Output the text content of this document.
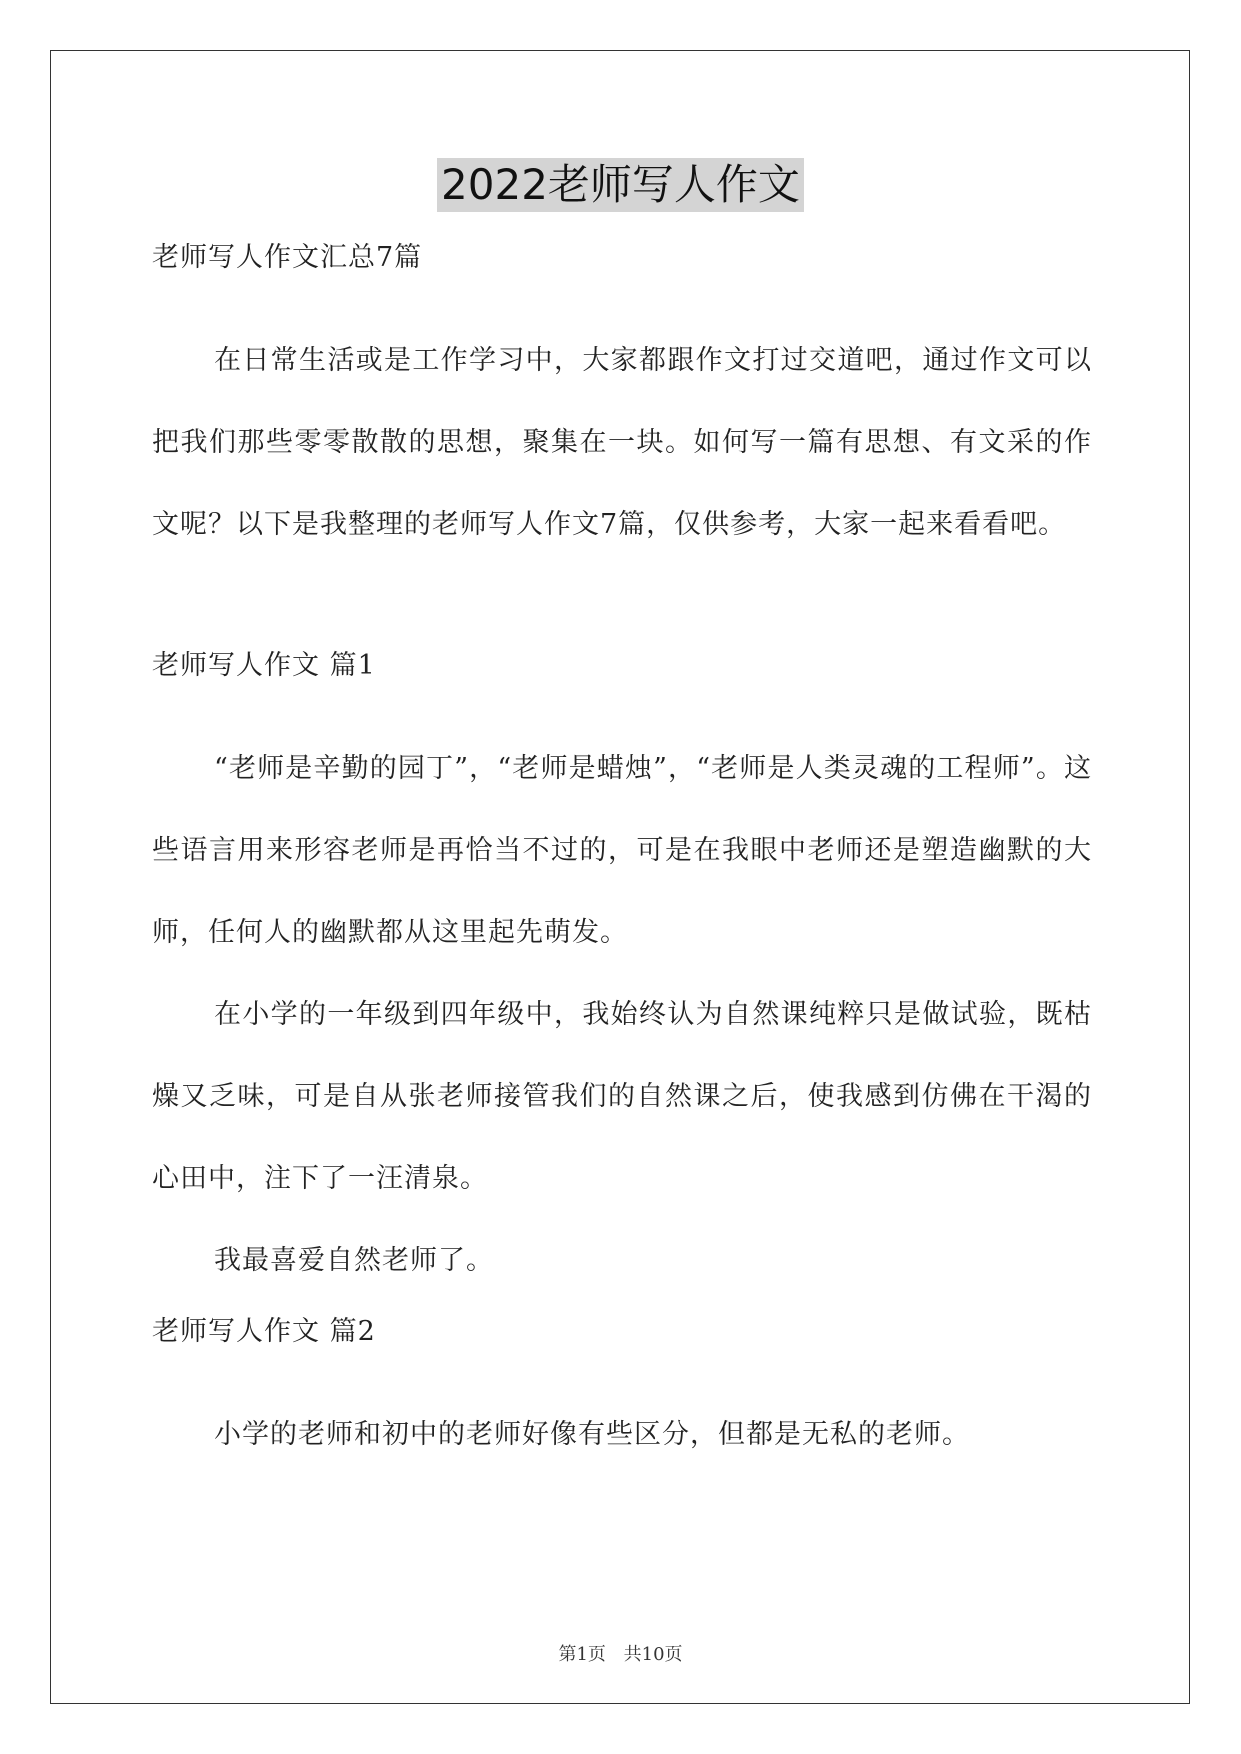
2022老师写人作文

老师写人作文汇总7篇

在日常生活或是工作学习中，大家都跟作文打过交道吧，通过作文可以把我们那些零零散散的思想，聚集在一块。如何写一篇有思想、有文采的作文呢？以下是我整理的老师写人作文7篇，仅供参考，大家一起来看看吧。

老师写人作文 篇1

“老师是辛勤的园丁”，“老师是蜡烛”，“老师是人类灵魂的工程师”。这些语言用来形容老师是再恰当不过的，可是在我眼中老师还是塑造幽默的大师，任何人的幽默都从这里起先萌发。

在小学的一年级到四年级中，我始终认为自然课纯粹只是做试验，既枯燥又乏味，可是自从张老师接管我们的自然课之后，使我感到仿佛在干渴的心田中，注下了一汪清泉。

我最喜爱自然老师了。

老师写人作文 篇2

小学的老师和初中的老师好像有些区分，但都是无私的老师。

第1页 共10页
